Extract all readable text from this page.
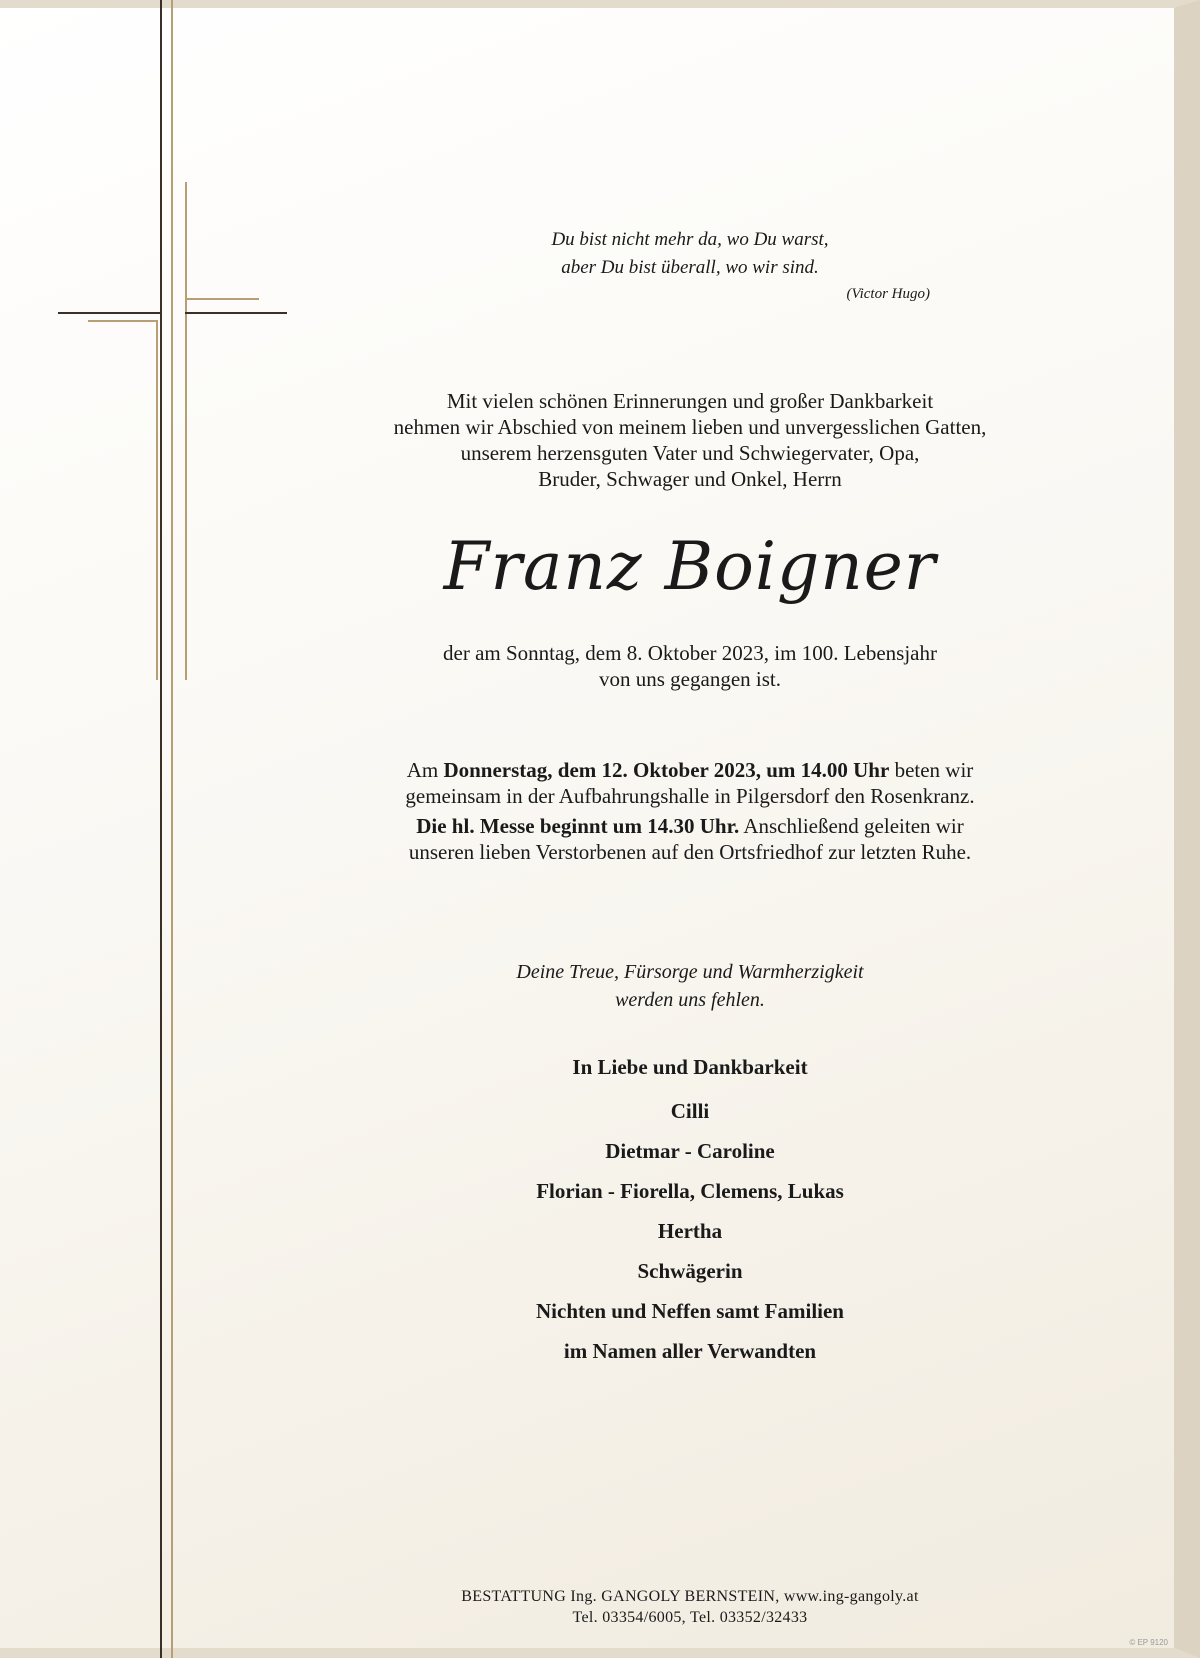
Du bist nicht mehr da, wo Du warst,
aber Du bist überall, wo wir sind.
(Victor Hugo)
Mit vielen schönen Erinnerungen und großer Dankbarkeit
nehmen wir Abschied von meinem lieben und unvergesslichen Gatten,
unserem herzensguten Vater und Schwiegervater, Opa,
Bruder, Schwager und Onkel, Herrn
Franz Boigner
der am Sonntag, dem 8. Oktober 2023, im 100. Lebensjahr
von uns gegangen ist.

Am Donnerstag, dem 12. Oktober 2023, um 14.00 Uhr beten wir
gemeinsam in der Aufbahrungshalle in Pilgersdorf den Rosenkranz.

Die hl. Messe beginnt um 14.30 Uhr. Anschließend geleiten wir
unseren lieben Verstorbenen auf den Ortsfriedhof zur letzten Ruhe.

Deine Treue, Fürsorge und Warmherzigkeit
werden uns fehlen.
In Liebe und Dankbarkeit
Cilli
Dietmar - Caroline
Florian - Fiorella, Clemens, Lukas
Hertha
Schwägerin
Nichten und Neffen samt Familien
im Namen aller Verwandten
BESTATTUNG Ing. GANGOLY BERNSTEIN, www.ing-gangoly.at
Tel. 03354/6005, Tel. 03352/32433
© EP 9120
